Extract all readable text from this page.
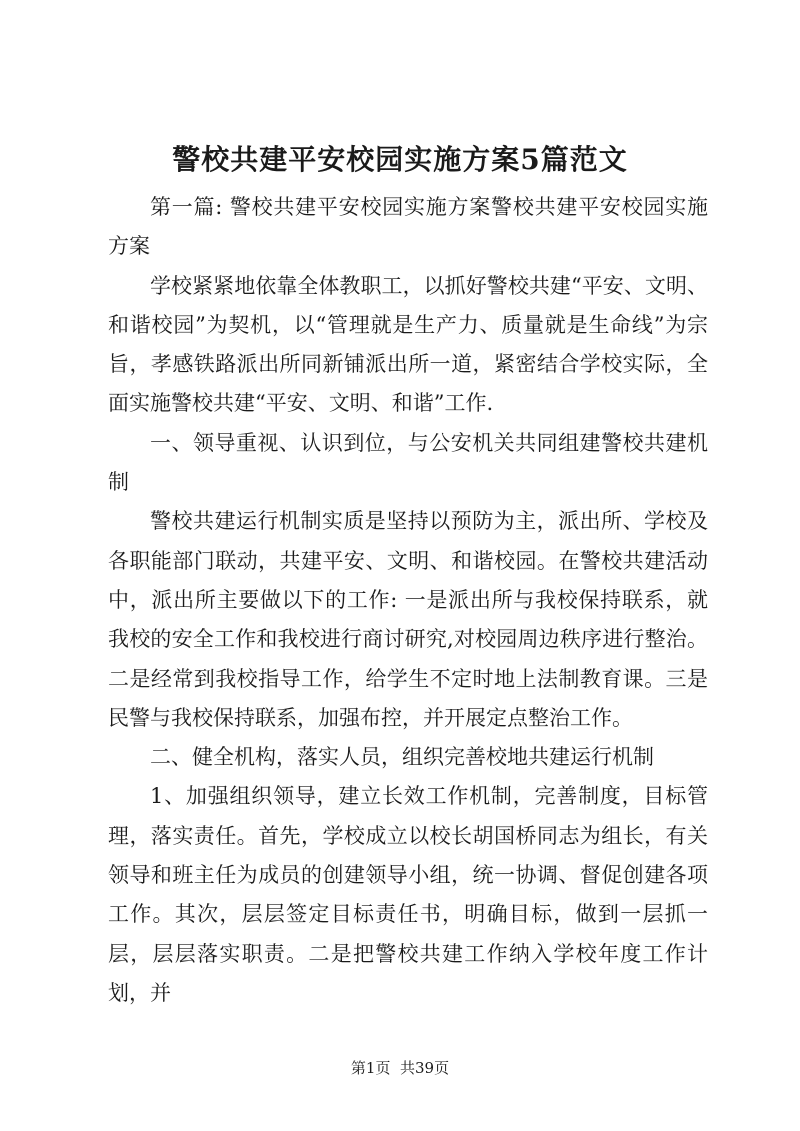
警校共建平安校园实施方案5篇范文

第一篇: 警校共建平安校园实施方案警校共建平安校园实施方案

学校紧紧地依靠全体教职工，以抓好警校共建“平安、文明、和谐校园”为契机，以“管理就是生产力、质量就是生命线”为宗旨，孝感铁路派出所同新铺派出所一道，紧密结合学校实际，全面实施警校共建“平安、文明、和谐”工作.

一、领导重视、认识到位，与公安机关共同组建警校共建机制

警校共建运行机制实质是坚持以预防为主，派出所、学校及各职能部门联动，共建平安、文明、和谐校园。在警校共建活动中，派出所主要做以下的工作: 一是派出所与我校保持联系，就我校的安全工作和我校进行商讨研究,对校园周边秩序进行整治。二是经常到我校指导工作，给学生不定时地上法制教育课。三是民警与我校保持联系，加强布控，并开展定点整治工作。

二、健全机构，落实人员，组织完善校地共建运行机制

1、加强组织领导，建立长效工作机制，完善制度，目标管理，落实责任。首先，学校成立以校长胡国桥同志为组长，有关领导和班主任为成员的创建领导小组，统一协调、督促创建各项工作。其次，层层签定目标责任书，明确目标，做到一层抓一层，层层落实职责。二是把警校共建工作纳入学校年度工作计划，并

第1页  共39页
